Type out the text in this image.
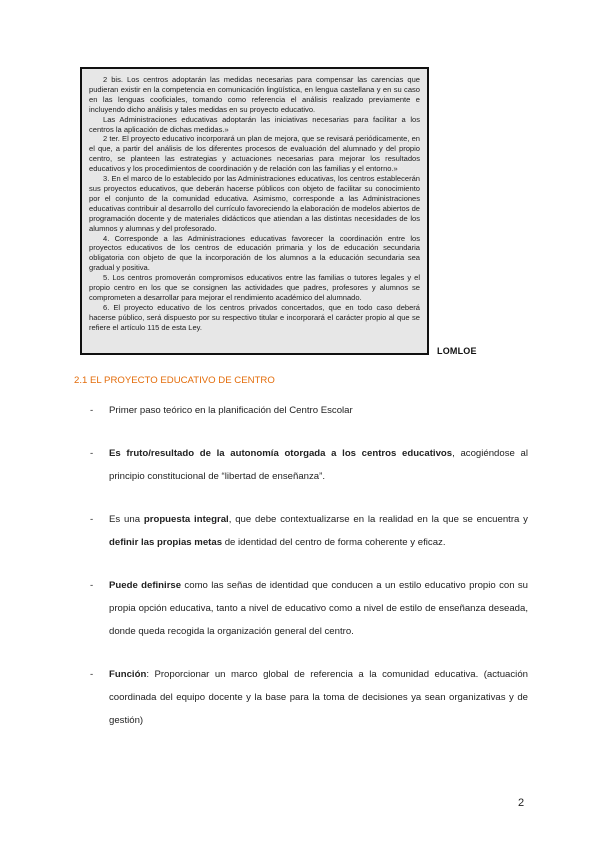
2 bis. Los centros adoptarán las medidas necesarias para compensar las carencias que pudieran existir en la competencia en comunicación lingüística, en lengua castellana y en su caso en las lenguas cooficiales, tomando como referencia el análisis realizado previamente e incluyendo dicho análisis y tales medidas en su proyecto educativo.

Las Administraciones educativas adoptarán las iniciativas necesarias para facilitar a los centros la aplicación de dichas medidas.»

2 ter. El proyecto educativo incorporará un plan de mejora, que se revisará periódicamente, en el que, a partir del análisis de los diferentes procesos de evaluación del alumnado y del propio centro, se planteen las estrategias y actuaciones necesarias para mejorar los resultados educativos y los procedimientos de coordinación y de relación con las familias y el entorno.»

3. En el marco de lo establecido por las Administraciones educativas, los centros establecerán sus proyectos educativos, que deberán hacerse públicos con objeto de facilitar su conocimiento por el conjunto de la comunidad educativa. Asimismo, corresponde a las Administraciones educativas contribuir al desarrollo del currículo favoreciendo la elaboración de modelos abiertos de programación docente y de materiales didácticos que atiendan a las distintas necesidades de los alumnos y alumnas y del profesorado.

4. Corresponde a las Administraciones educativas favorecer la coordinación entre los proyectos educativos de los centros de educación primaria y los de educación secundaria obligatoria con objeto de que la incorporación de los alumnos a la educación secundaria sea gradual y positiva.

5. Los centros promoverán compromisos educativos entre las familias o tutores legales y el propio centro en los que se consignen las actividades que padres, profesores y alumnos se comprometen a desarrollar para mejorar el rendimiento académico del alumnado.

6. El proyecto educativo de los centros privados concertados, que en todo caso deberá hacerse público, será dispuesto por su respectivo titular e incorporará el carácter propio al que se refiere el artículo 115 de esta Ley.

LOMLOE
2.1 EL PROYECTO EDUCATIVO DE CENTRO
- Primer paso teórico en la planificación del Centro Escolar
- Es fruto/resultado de la autonomía otorgada a los centros educativos, acogiéndose al principio constitucional de “libertad de enseñanza”.
- Es una propuesta integral, que debe contextualizarse en la realidad en la que se encuentra y definir las propias metas de identidad del centro de forma coherente y eficaz.
- Puede definirse como las señas de identidad que conducen a un estilo educativo propio con su propia opción educativa, tanto a nivel de educativo como a nivel de estilo de enseñanza deseada, donde queda recogida la organización general del centro.
- Función: Proporcionar un marco global de referencia a la comunidad educativa. (actuación coordinada del equipo docente y la base para la toma de decisiones ya sean organizativas y de gestión)
2
